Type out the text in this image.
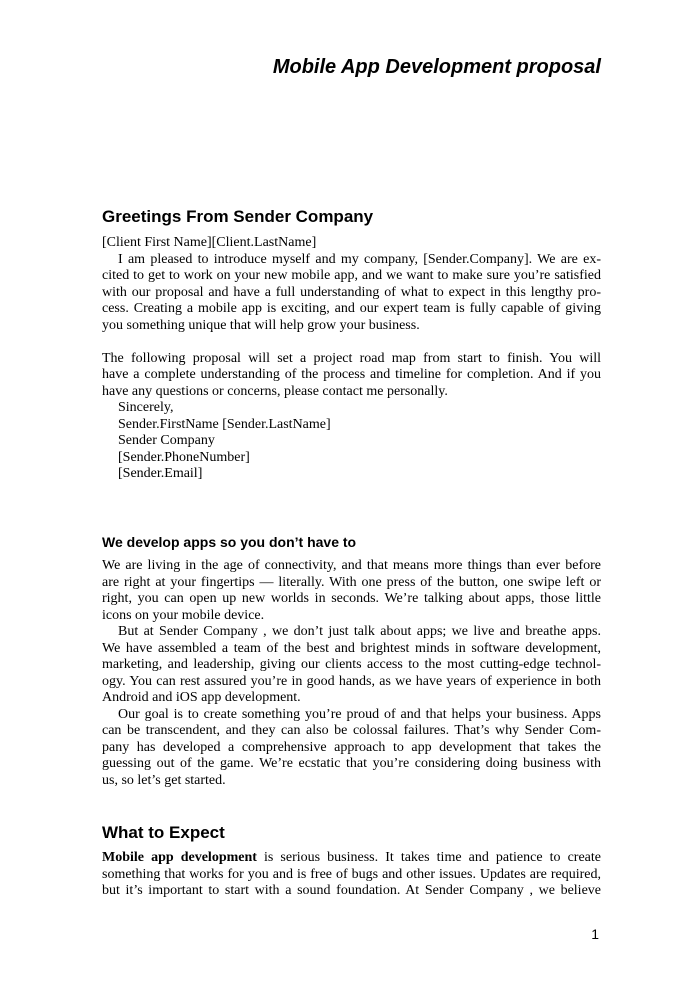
Mobile App Development proposal
Greetings From Sender Company
[Client First Name][Client.LastName]
I am pleased to introduce myself and my company, [Sender.Company]. We are ex-
cited to get to work on your new mobile app, and we want to make sure you’re satisfied
with our proposal and have a full understanding of what to expect in this lengthy pro-
cess. Creating a mobile app is exciting, and our expert team is fully capable of giving
you something unique that will help grow your business.
The following proposal will set a project road map from start to finish. You will
have a complete understanding of the process and timeline for completion. And if you
have any questions or concerns, please contact me personally.
Sincerely,
Sender.FirstName [Sender.LastName]
Sender Company
[Sender.PhoneNumber]
[Sender.Email]
We develop apps so you don’t have to
We are living in the age of connectivity, and that means more things than ever before
are right at your fingertips — literally. With one press of the button, one swipe left or
right, you can open up new worlds in seconds. We’re talking about apps, those little
icons on your mobile device.
But at Sender Company , we don’t just talk about apps; we live and breathe apps.
We have assembled a team of the best and brightest minds in software development,
marketing, and leadership, giving our clients access to the most cutting-edge technol-
ogy. You can rest assured you’re in good hands, as we have years of experience in both
Android and iOS app development.
Our goal is to create something you’re proud of and that helps your business. Apps
can be transcendent, and they can also be colossal failures. That’s why Sender Com-
pany has developed a comprehensive approach to app development that takes the
guessing out of the game. We’re ecstatic that you’re considering doing business with
us, so let’s get started.
What to Expect
Mobile app development is serious business. It takes time and patience to create
something that works for you and is free of bugs and other issues. Updates are required,
but it’s important to start with a sound foundation. At Sender Company , we believe
1
